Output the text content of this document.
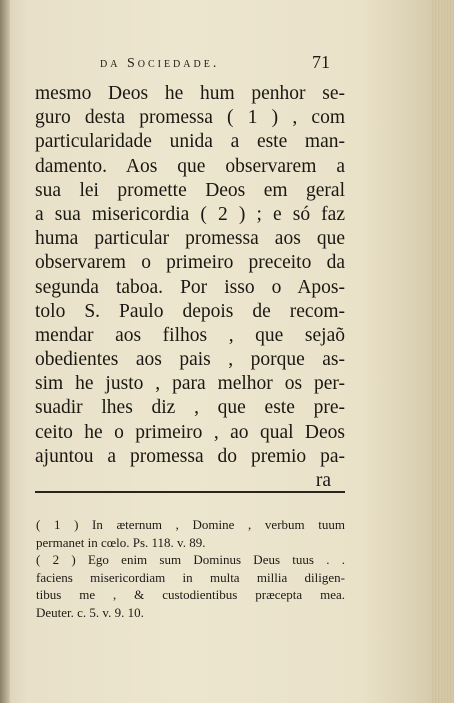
da Sociedade.	71
mesmo Deos he hum penhor se-
guro desta promessa ( 1 ) , com
particularidade unida a este man-
damento. Aos que observarem a
sua lei promette Deos em geral
a sua misericordia ( 2 ) ; e só faz
huma particular promessa aos que
observarem o primeiro preceito da
segunda taboa. Por isso o Apos-
tolo S. Paulo depois de recom-
mendar aos filhos , que sejaõ
obedientes aos pais , porque as-
sim he justo , para melhor os per-
suadir lhes diz , que este pre-
ceito he o primeiro , ao qual Deos
ajuntou a promessa do premio pa-
ra
( 1 ) In æternum , Domine , verbum tuum
permanet in cœlo. Ps. 118. v. 89.
( 2 ) Ego enim sum Dominus Deus tuus . .
faciens misericordiam in multa millia diligen-
tibus me , & custodientibus præcepta mea.
Deuter. c. 5. v. 9. 10.
